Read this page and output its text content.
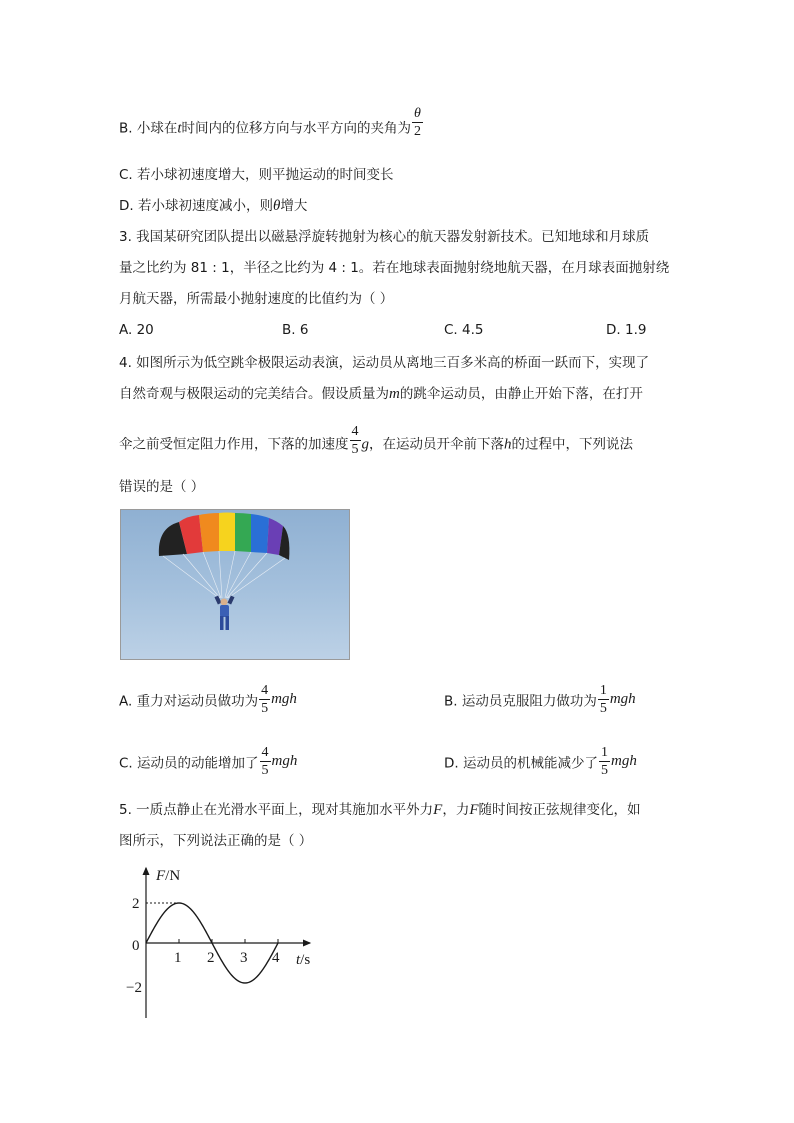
B. 小球在t时间内的位移方向与水平方向的夹角为 $\frac{\theta}{2}$
C. 若小球初速度增大，则平抛运动的时间变长
D. 若小球初速度减小，则θ增大
3. 我国某研究团队提出以磁悬浮旋转抛射为核心的航天器发射新技术。已知地球和月球质
量之比约为 81 : 1，半径之比约为 4 : 1。若在地球表面抛射绕地航天器，在月球表面抛射绕
月航天器，所需最小抛射速度的比值约为（ ）
A. 20	B. 6	C. 4.5	D. 1.9
4. 如图所示为低空跳伞极限运动表演，运动员从离地三百多米高的桥面一跃而下，实现了
自然奇观与极限运动的完美结合。假设质量为m的跳伞运动员，由静止开始下落，在打开
伞之前受恒定阻力作用，下落的加速度 $\frac{4}{5}$ g，在运动员开伞前下落h的过程中，下列说法
错误的是（ ）
A. 重力对运动员做功为 $\frac{4}{5}$ mgh	B. 运动员克服阻力做功为 $\frac{1}{5}$ mgh
C. 运动员的动能增加了 $\frac{4}{5}$ mgh	D. 运动员的机械能减少了 $\frac{1}{5}$ mgh
5. 一质点静止在光滑水平面上，现对其施加水平外力F，力F随时间按正弦规律变化，如
图所示，下列说法正确的是（ ）
F/N
t/s
0
2
−2
1 2 3 4
